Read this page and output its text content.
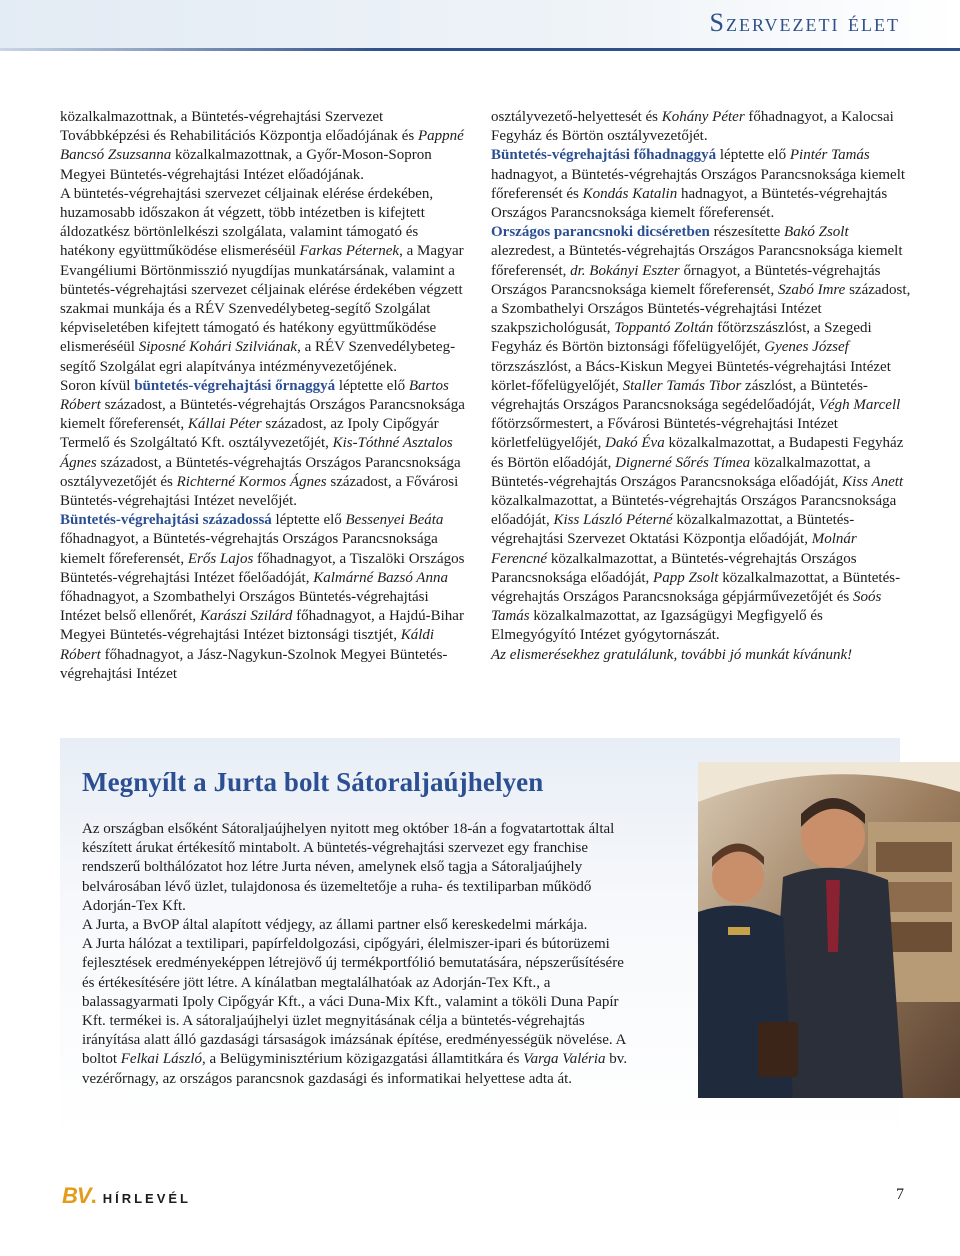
Szervezeti élet

közalkalmazottnak, a Büntetés-végrehajtási Szervezet Továbbképzési és Rehabilitációs Központja előadójának és Pappné Bancsó Zsuzsanna közalkalmazottnak, a Győr-Moson-Sopron Megyei Büntetés-végrehajtási Intézet előadójának.

A büntetés-végrehajtási szervezet céljainak elérése érdekében, huzamosabb időszakon át végzett, több intézetben is kifejtett áldozatkész börtönlelkészi szolgálata, valamint támogató és hatékony együttműködése elismeréséül Farkas Péternek, a Magyar Evangéliumi Börtönmisszió nyugdíjas munkatársának, valamint a büntetés-végrehajtási szervezet céljainak elérése érdekében végzett szakmai munkája és a RÉV Szenvedélybeteg-segítő Szolgálat képviseletében kifejtett támogató és hatékony együttműködése elismeréséül Siposné Kohári Szilviának, a RÉV Szenvedélybeteg-segítő Szolgálat egri alapítványa intézményvezetőjének.

Soron kívül büntetés-végrehajtási őrnaggyá léptette elő Bartos Róbert századost, a Büntetés-végrehajtás Országos Parancsnoksága kiemelt főreferensét, Kállai Péter századost, az Ipoly Cipőgyár Termelő és Szolgáltató Kft. osztályvezetőjét, Kis-Tóthné Asztalos Ágnes századost, a Büntetés-végrehajtás Országos Parancsnoksága osztályvezetőjét és Richterné Kormos Ágnes századost, a Fővárosi Büntetés-végrehajtási Intézet nevelőjét.

Büntetés-végrehajtási századossá léptette elő Bessenyei Beáta főhadnagyot, a Büntetés-végrehajtás Országos Parancsnoksága kiemelt főreferensét, Erős Lajos főhadnagyot, a Tiszalöki Országos Büntetés-végrehajtási Intézet főelőadóját, Kalmárné Bazsó Anna főhadnagyot, a Szombathelyi Országos Büntetés-végrehajtási Intézet belső ellenőrét, Karászi Szilárd főhadnagyot, a Hajdú-Bihar Megyei Büntetés-végrehajtási Intézet biztonsági tisztjét, Káldi Róbert főhadnagyot, a Jász-Nagykun-Szolnok Megyei Büntetés-végrehajtási Intézet

osztályvezető-helyettesét és Kohány Péter főhadnagyot, a Kalocsai Fegyház és Börtön osztályvezetőjét.

Büntetés-végrehajtási főhadnaggyá léptette elő Pintér Tamás hadnagyot, a Büntetés-végrehajtás Országos Parancsnoksága kiemelt főreferensét és Kondás Katalin hadnagyot, a Büntetés-végrehajtás Országos Parancsnoksága kiemelt főreferensét.

Országos parancsnoki dicséretben részesítette Bakó Zsolt alezredest, a Büntetés-végrehajtás Országos Parancsnoksága kiemelt főreferensét, dr. Bokányi Eszter őrnagyot, a Büntetés-végrehajtás Országos Parancsnoksága kiemelt főreferensét, Szabó Imre századost, a Szombathelyi Országos Büntetés-végrehajtási Intézet szakpszichológusát, Toppantó Zoltán főtörzszászlóst, a Szegedi Fegyház és Börtön biztonsági főfelügyelőjét, Gyenes József törzszászlóst, a Bács-Kiskun Megyei Büntetés-végrehajtási Intézet körlet-főfelügyelőjét, Staller Tamás Tibor zászlóst, a Büntetés-végrehajtás Országos Parancsnoksága segédelőadóját, Végh Marcell főtörzsőrmestert, a Fővárosi Büntetés-végrehajtási Intézet körletfelügyelőjét, Dakó Éva közalkalmazottat, a Budapesti Fegyház és Börtön előadóját, Dignerné Sőrés Tímea közalkalmazottat, a Büntetés-végrehajtás Országos Parancsnoksága előadóját, Kiss Anett közalkalmazottat, a Büntetés-végrehajtás Országos Parancsnoksága előadóját, Kiss László Péterné közalkalmazottat, a Büntetés-végrehajtási Szervezet Oktatási Központja előadóját, Molnár Ferencné közalkalmazottat, a Büntetés-végrehajtás Országos Parancsnoksága előadóját, Papp Zsolt közalkalmazottat, a Büntetés-végrehajtás Országos Parancsnoksága gépjárművezetőjét és Soós Tamás közalkalmazottat, az Igazságügyi Megfigyelő és Elmegyógyító Intézet gyógytornászát.

Az elismerésekhez gratulálunk, további jó munkát kívánunk!

Megnyílt a Jurta bolt Sátoraljaújhelyen

Az országban elsőként Sátoraljaújhelyen nyitott meg október 18-án a fogvatartottak által készített árukat értékesítő mintabolt. A büntetés-végrehajtási szervezet egy franchise rendszerű bolthálózatot hoz létre Jurta néven, amelynek első tagja a Sátoraljaújhely belvárosában lévő üzlet, tulajdonosa és üzemeltetője a ruha- és textiliparban működő Adorján-Tex Kft.

A Jurta, a BvOP által alapított védjegy, az állami partner első kereskedelmi márkája.

A Jurta hálózat a textilipari, papírfeldolgozási, cipőgyári, élelmiszer-ipari és bútorüzemi fejlesztések eredményeképpen létrejövő új termékportfólió bemutatására, népszerűsítésére és értékesítésére jött létre. A kínálatban megtalálhatóak az Adorján-Tex Kft., a balassagyarmati Ipoly Cipőgyár Kft., a váci Duna-Mix Kft., valamint a tököli Duna Papír Kft. termékei is. A sátoraljaújhelyi üzlet megnyitásának célja a büntetés-végrehajtás irányítása alatt álló gazdasági társaságok imázsának építése, eredményességük növelése. A boltot Felkai László, a Belügyminisztérium közigazgatási államtitkára és Varga Valéria bv. vezérőrnagy, az országos parancsnok gazdasági és informatikai helyettese adta át.

BV . HÍRLEVÉL	7
